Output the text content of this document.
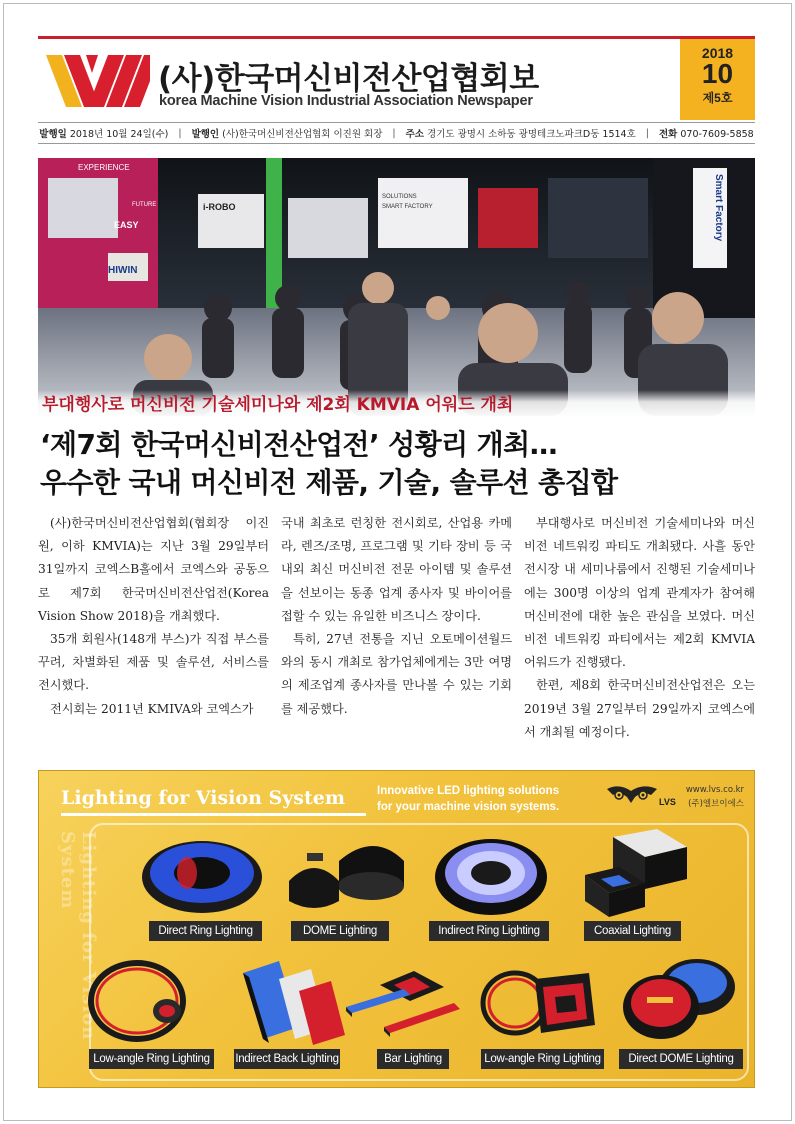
(사)한국머신비전산업협회보
korea Machine Vision Industrial Association Newspaper
2018
10
제5호
발행일 2018년 10월 24일(수) | 발행인 (사)한국머신비전산업협회 이진원 회장 | 주소 경기도 광명시 소하동 광명테크노파크D동 1514호 | 전화 070-7609-5858
EXPERIENCE
FUTURE
EASY
i-ROBO
SOLUTIONS
SMART FACTORY	Smart Factory
HIWIN
부대행사로 머신비전 기술세미나와 제2회 KMVIA 어워드 개최
‘제7회 한국머신비전산업전’ 성황리 개최…
우수한 국내 머신비전 제품, 기술, 솔루션 총집합

(사)한국머신비전산업협회(협회장 이진원, 이하 KMVIA)는 지난 3월 29일부터 31일까지 코엑스B홀에서 코엑스와 공동으로 제7회 한국머신비전산업전(Korea Vision Show 2018)을 개최했다.

35개 회원사(148개 부스)가 직접 부스를 꾸려, 차별화된 제품 및 솔루션, 서비스를 전시했다.

전시회는 2011년 KMIVA와 코엑스가

국내 최초로 런칭한 전시회로, 산업용 카메라, 렌즈/조명, 프로그램 및 기타 장비 등 국내외 최신 머신비전 전문 아이템 및 솔루션을 선보이는 동종 업계 종사자 및 바이어를 접할 수 있는 유일한 비즈니스 장이다.

특히, 27년 전통을 지닌 오토메이션월드와의 동시 개최로 참가업체에게는 3만 여명의 제조업계 종사자를 만나볼 수 있는 기회를 제공했다.

부대행사로 머신비전 기술세미나와 머신비전 네트워킹 파티도 개최됐다. 사흘 동안 전시장 내 세미나룸에서 진행된 기술세미나에는 300명 이상의 업계 관계자가 참여해 머신비전에 대한 높은 관심을 보였다. 머신비전 네트워킹 파티에서는 제2회 KMVIA 어워드가 진행됐다.

한편, 제8회 한국머신비전산업전은 오는 2019년 3월 27일부터 29일까지 코엑스에서 개최될 예정이다.

Lighting for Vision System
Lighting for Vision System	Innovative LED lighting solutions
for your machine vision systems.	LVS
www.lvs.co.kr
(주)엘브이에스
Direct Ring Lighting	DOME Lighting	Indirect Ring Lighting	Coaxial Lighting
Low-angle Ring Lighting	Indirect Back Lighting	Bar Lighting	Low-angle Ring Lighting	Direct DOME Lighting
